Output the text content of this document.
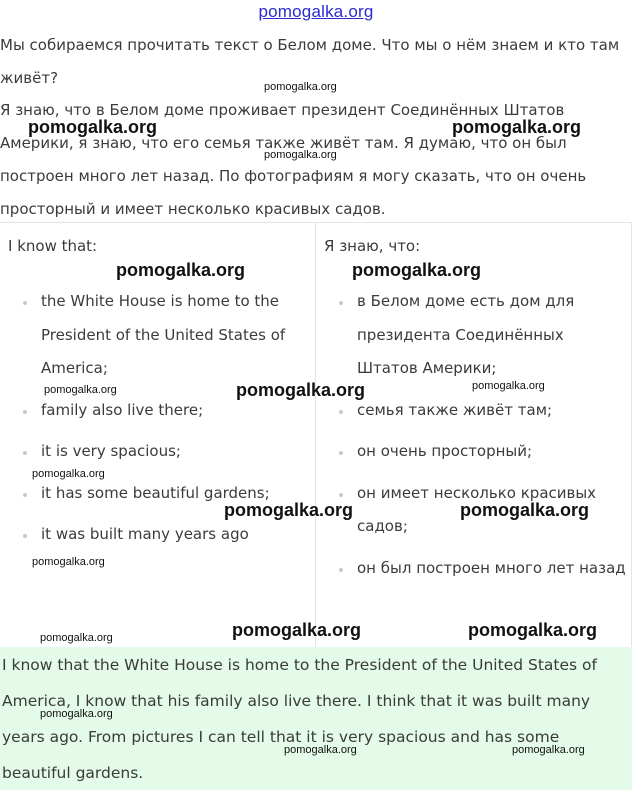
pomogalka.org

Мы собираемся прочитать текст о Белом доме. Что мы о нём знаем и кто там живёт?

Я знаю, что в Белом доме проживает президент Соединённых Штатов Америки, я знаю, что его семья также живёт там. Я думаю, что он был построен много лет назад. По фотографиям я могу сказать, что он очень просторный и имеет несколько красивых садов.

I know that:
the White House is home to the President of the United States of America;
family also live there;
it is very spacious;
it has some beautiful gardens;
it was built many years ago
Я знаю, что:
в Белом доме есть дом для президента Соединённых Штатов Америки;
семья также живёт там;
он очень просторный;
он имеет несколько красивых садов;
он был построен много лет назад

I know that the White House is home to the President of the United States of America, I know that his family also live there. I think that it was built many years ago. From pictures I can tell that it is very spacious and has some beautiful gardens.

pomogalka.org
pomogalka.org	pomogalka.org
pomogalka.org
pomogalka.org	pomogalka.org
pomogalka.org	pomogalka.org	pomogalka.org
pomogalka.org
pomogalka.org	pomogalka.org
pomogalka.org
pomogalka.org	pomogalka.org	pomogalka.org
pomogalka.org
pomogalka.org	pomogalka.org
